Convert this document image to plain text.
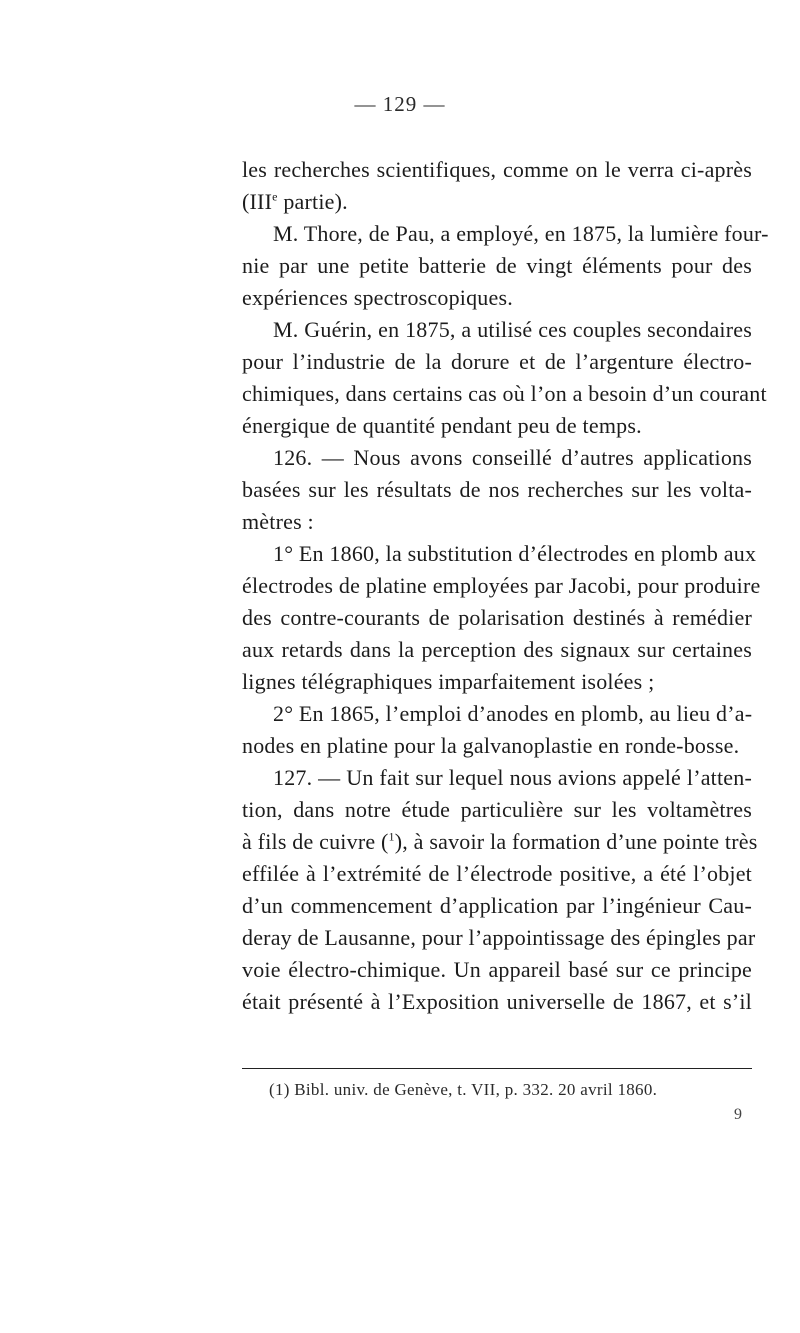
— 129 —
les recherches scientifiques, comme on le verra ci-après
(IIIe partie).
M. Thore, de Pau, a employé, en 1875, la lumière four-
nie par une petite batterie de vingt éléments pour des
expériences spectroscopiques.
M. Guérin, en 1875, a utilisé ces couples secondaires
pour l’industrie de la dorure et de l’argenture électro-
chimiques, dans certains cas où l’on a besoin d’un courant
énergique de quantité pendant peu de temps.
126. — Nous avons conseillé d’autres applications
basées sur les résultats de nos recherches sur les volta-
mètres :
1° En 1860, la substitution d’électrodes en plomb aux
électrodes de platine employées par Jacobi, pour produire
des contre-courants de polarisation destinés à remédier
aux retards dans la perception des signaux sur certaines
lignes télégraphiques imparfaitement isolées ;
2° En 1865, l’emploi d’anodes en plomb, au lieu d’a-
nodes en platine pour la galvanoplastie en ronde-bosse.
127. — Un fait sur lequel nous avions appelé l’atten-
tion, dans notre étude particulière sur les voltamètres
à fils de cuivre ($^1$), à savoir la formation d’une pointe très
effilée à l’extrémité de l’électrode positive, a été l’objet
d’un commencement d’application par l’ingénieur Cau-
deray de Lausanne, pour l’appointissage des épingles par
voie électro-chimique. Un appareil basé sur ce principe
était présenté à l’Exposition universelle de 1867, et s’il
(1) Bibl. univ. de Genève, t. VII, p. 332. 20 avril 1860.
9
